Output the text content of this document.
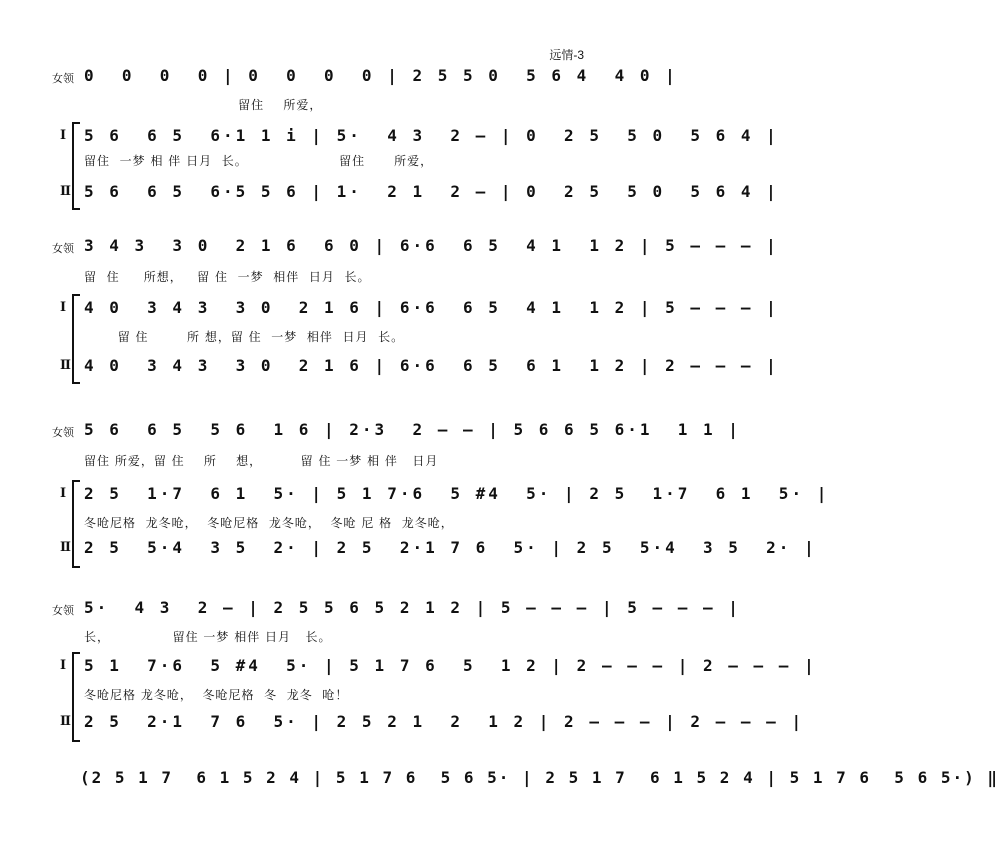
远情-3
女领 0  0  0  0 | 0  0  0  0 | 2 5 5 0  5 6 4  4 0 |
留住    所爱，
Ⅰ 5 6  6 5  6·1 1 i | 5·  4 3  2 – | 0  2 5  5 0  5 6 4 |
留住  一梦 相 伴 日月  长。                   留住      所爱，
Ⅱ 5 6  6 5  6·5 5 6 | 1·  2 1  2 – | 0  2 5  5 0  5 6 4 |
女领 3 4 3  3 0  2 1 6  6 0 | 6·6  6 5  4 1  1 2 | 5 – – – |
留  住     所想，   留 住  一梦  相伴  日月  长。
Ⅰ 4 0  3 4 3  3 0  2 1 6 | 6·6  6 5  4 1  1 2 | 5 – – – |
留 住        所 想，留 住  一梦  相伴  日月  长。
Ⅱ 4 0  3 4 3  3 0  2 1 6 | 6·6  6 5  6 1  1 2 | 2 – – – |
女领 5 6  6 5  5 6  1 6 | 2·3  2 – – | 5 6 6 5 6·1  1 1 |
留住 所爱，留 住    所    想，        留 住 一梦 相 伴   日月
Ⅰ 2 5  1·7  6 1  5· | 5 1 7·6  5 #4  5· | 2 5  1·7  6 1  5· |
冬呛尼格  龙冬呛，  冬呛尼格  龙冬呛，  冬呛 尼 格  龙冬呛，
Ⅱ 2 5  5·4  3 5  2· | 2 5  2·1 7 6  5· | 2 5  5·4  3 5  2· |
女领 5·  4 3  2 – | 2 5 5 6 5 2 1 2 | 5 – – – | 5 – – – |
长，             留住 一梦 相伴 日月   长。
Ⅰ 5 1  7·6  5 #4  5· | 5 1 7 6  5  1 2 | 2 – – – | 2 – – – |
冬呛尼格 龙冬呛，  冬呛尼格  冬  龙冬  呛！
Ⅱ 2 5  2·1  7 6  5· | 2 5 2 1  2  1 2 | 2 – – – | 2 – – – |
(2 5 1 7  6 1 5 2 4 | 5 1 7 6  5 6 5· | 2 5 1 7  6 1 5 2 4 | 5 1 7 6  5 6 5·) ‖
